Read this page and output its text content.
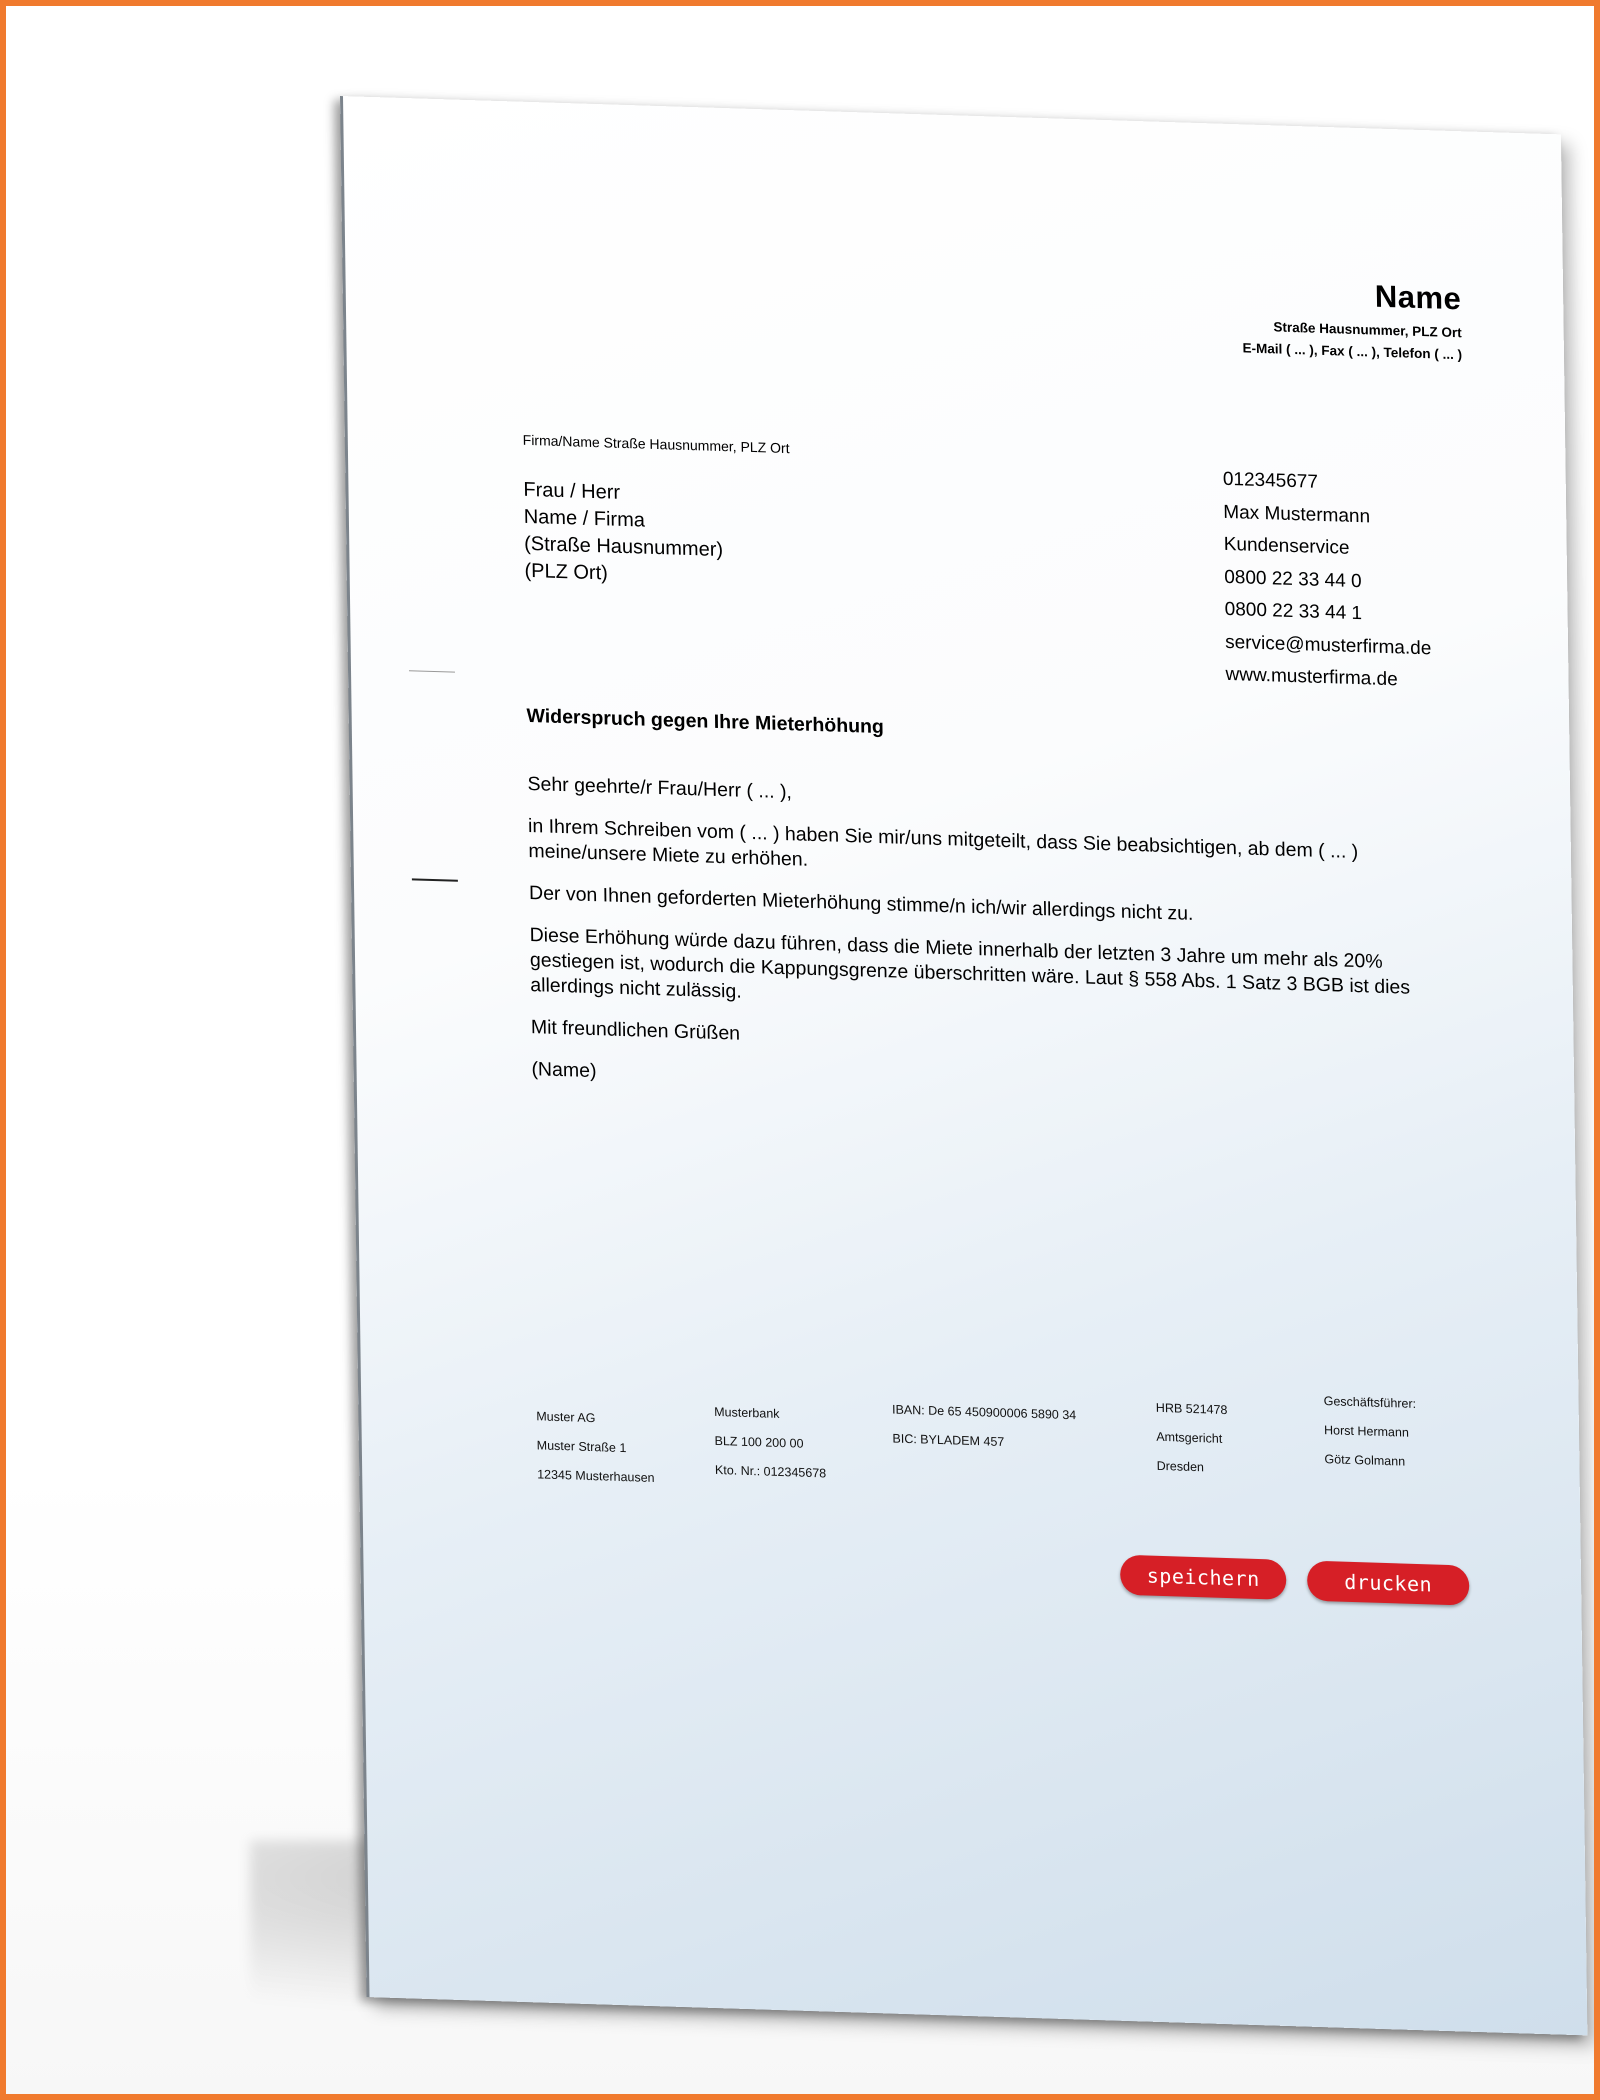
Name
Straße Hausnummer, PLZ Ort
E-Mail ( ... ), Fax ( ... ), Telefon ( ... )
Firma/Name Straße Hausnummer, PLZ Ort
Frau / Herr
Name / Firma
(Straße Hausnummer)
(PLZ Ort)
012345677
Max Mustermann
Kundenservice
0800 22 33 44 0
0800 22 33 44 1
service@musterfirma.de
www.musterfirma.de
Widerspruch gegen Ihre Mieterhöhung

Sehr geehrte/r Frau/Herr ( ... ),

in Ihrem Schreiben vom ( ... ) haben Sie mir/uns mitgeteilt, dass Sie beabsichtigen, ab dem ( ... ) meine/unsere Miete zu erhöhen.

Der von Ihnen geforderten Mieterhöhung stimme/n ich/wir allerdings nicht zu.

Diese Erhöhung würde dazu führen, dass die Miete innerhalb der letzten 3 Jahre um mehr als 20% gestiegen ist, wodurch die Kappungsgrenze überschritten wäre. Laut § 558 Abs. 1 Satz 3 BGB ist dies allerdings nicht zulässig.

Mit freundlichen Grüßen

(Name)

Muster AG
Muster Straße 1
12345 Musterhausen
Musterbank
BLZ 100 200 00
Kto. Nr.: 012345678
IBAN: De 65 450900006 5890 34
BIC: BYLADEM 457
HRB 521478
Amtsgericht
Dresden
Geschäftsführer:
Horst Hermann
Götz Golmann
speichern	drucken
